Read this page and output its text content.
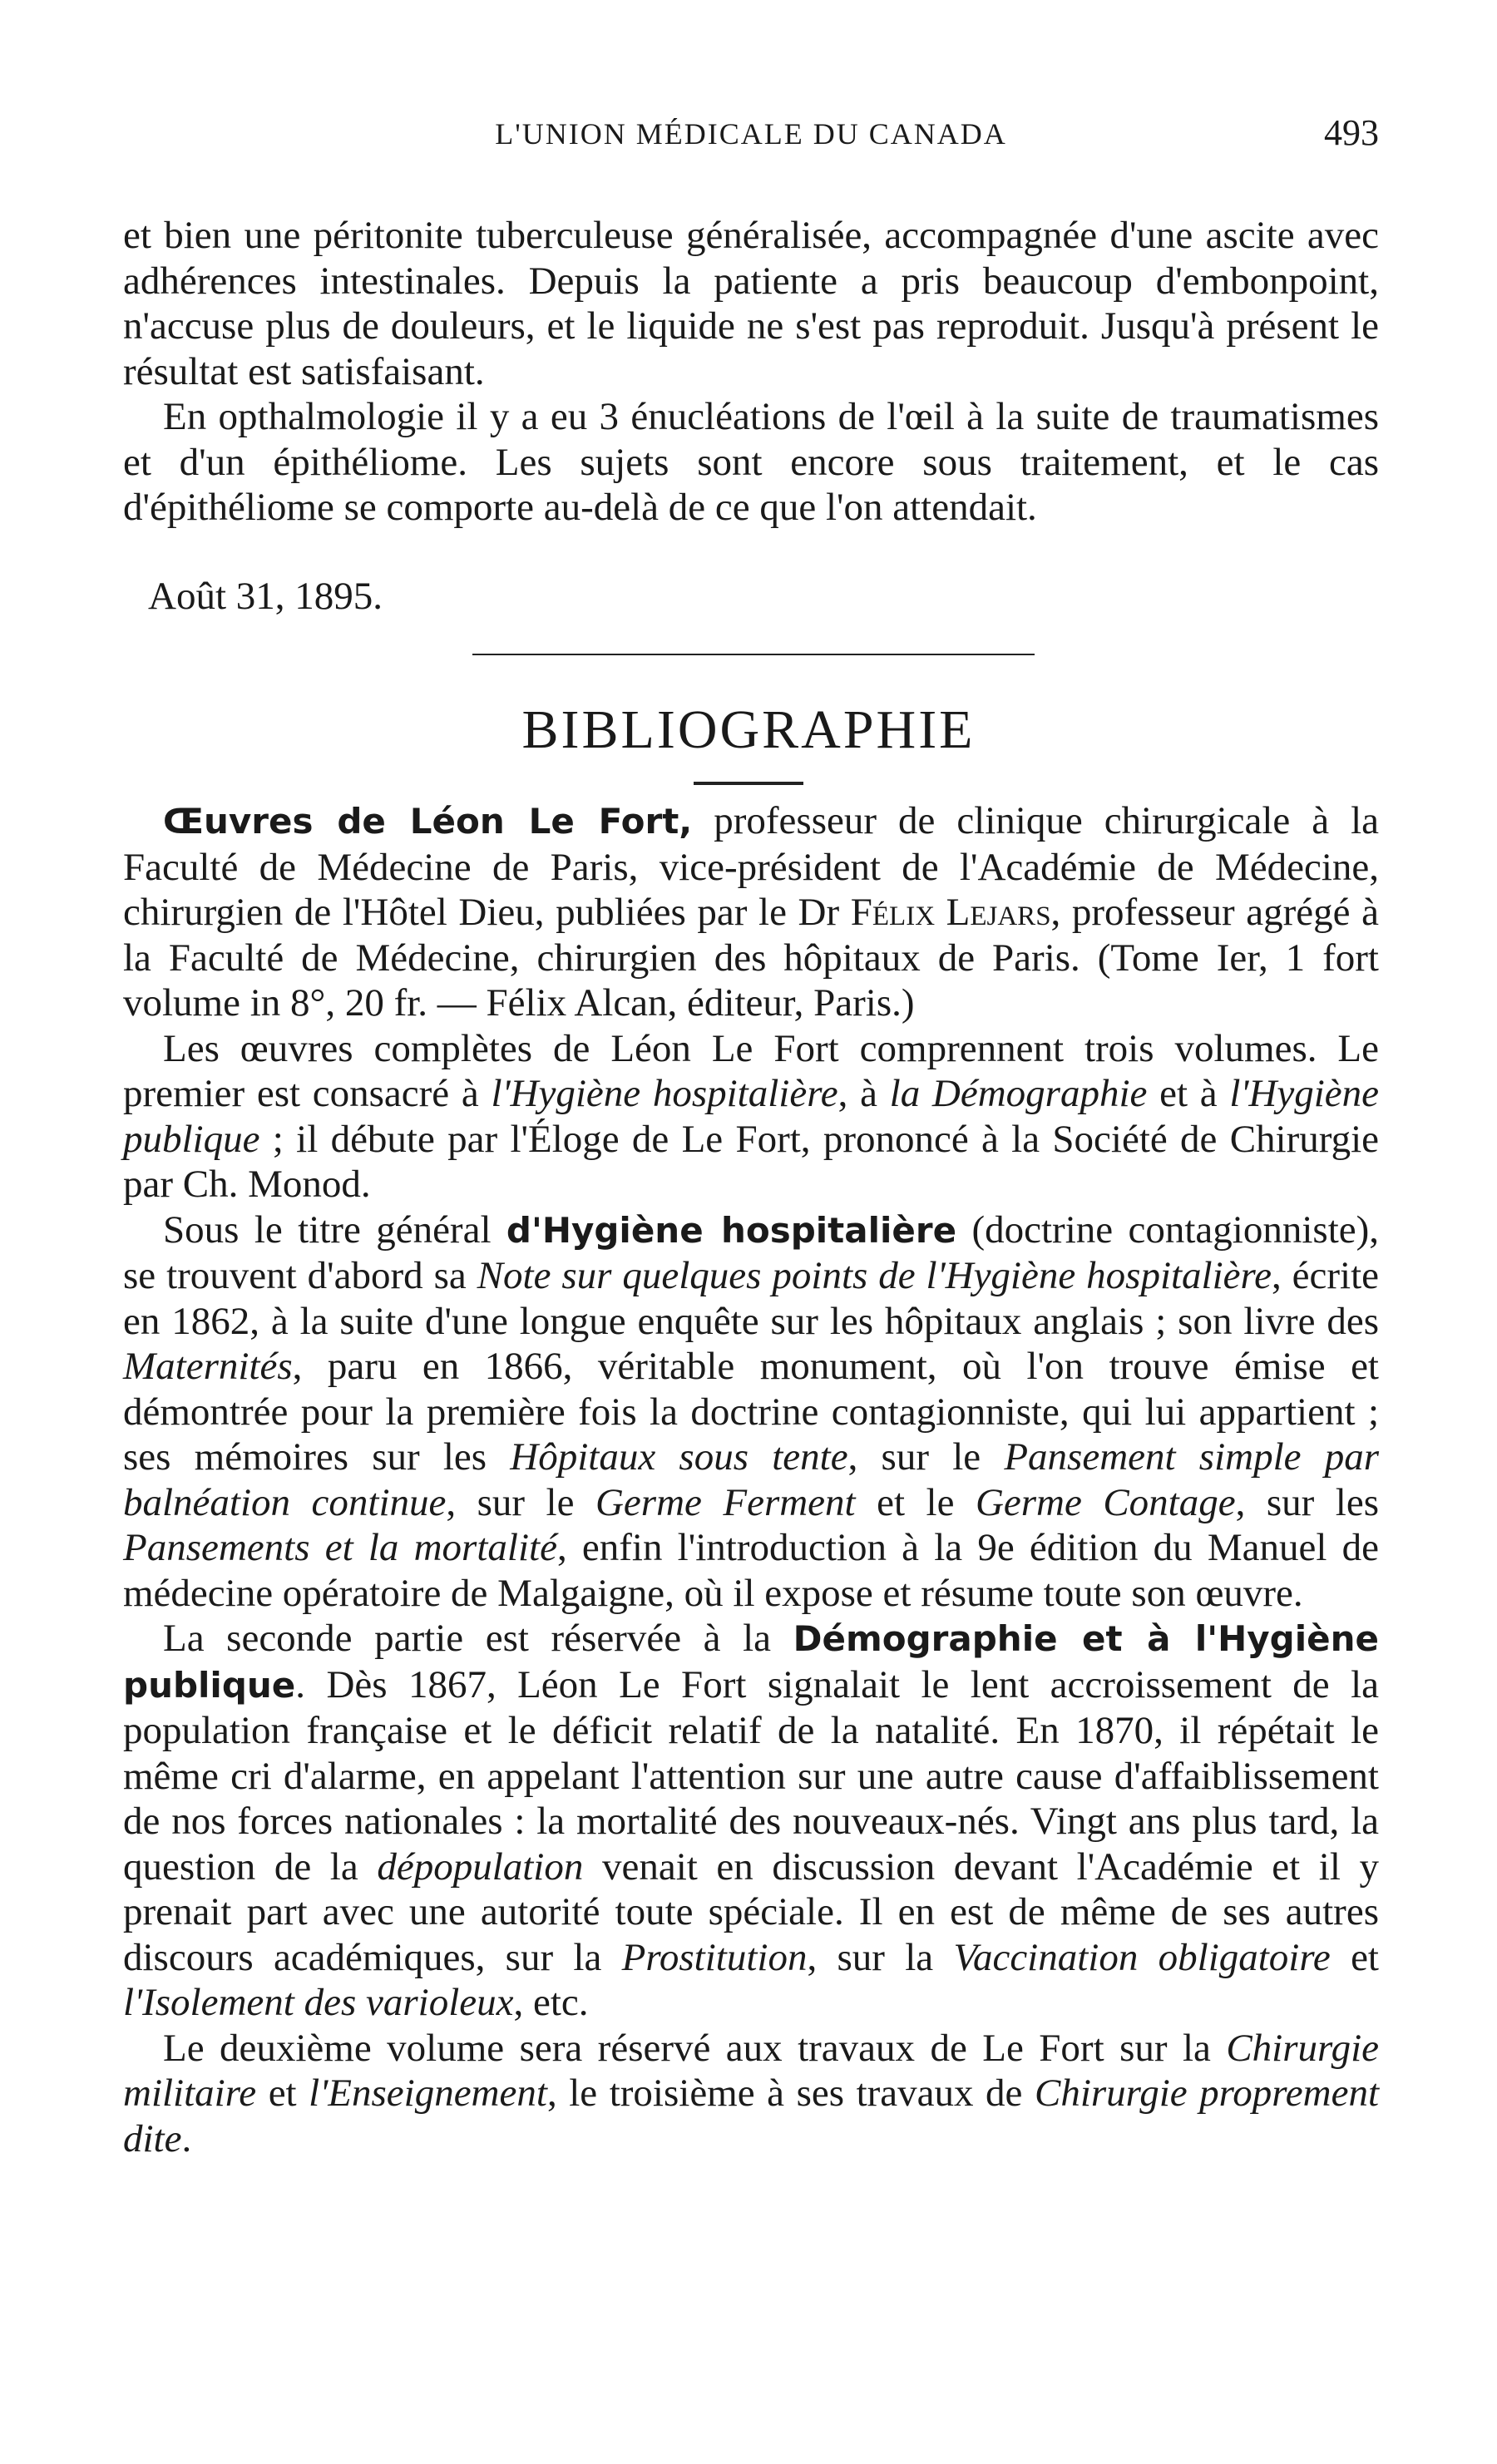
L'UNION MÉDICALE DU CANADA	493

et bien une péritonite tuberculeuse généralisée, accompagnée d'une ascite avec adhérences intestinales. Depuis la patiente a pris beaucoup d'embonpoint, n'accuse plus de douleurs, et le liquide ne s'est pas reproduit. Jusqu'à présent le résultat est satisfaisant.

En opthalmologie il y a eu 3 énucléations de l'œil à la suite de traumatismes et d'un épithéliome. Les sujets sont encore sous traitement, et le cas d'épithéliome se comporte au-delà de ce que l'on attendait.

Août 31, 1895.
BIBLIOGRAPHIE

Œuvres de Léon Le Fort, professeur de clinique chirurgicale à la Faculté de Médecine de Paris, vice-président de l'Académie de Médecine, chirurgien de l'Hôtel Dieu, publiées par le Dr Félix Lejars, professeur agrégé à la Faculté de Médecine, chirurgien des hôpitaux de Paris. (Tome Ier, 1 fort volume in 8°, 20 fr. — Félix Alcan, éditeur, Paris.)

Les œuvres complètes de Léon Le Fort comprennent trois volumes. Le premier est consacré à l'Hygiène hospitalière, à la Démographie et à l'Hygiène publique ; il débute par l'Éloge de Le Fort, prononcé à la Société de Chirurgie par Ch. Monod.

Sous le titre général d'Hygiène hospitalière (doctrine contagionniste), se trouvent d'abord sa Note sur quelques points de l'Hygiène hospitalière, écrite en 1862, à la suite d'une longue enquête sur les hôpitaux anglais ; son livre des Maternités, paru en 1866, véritable monument, où l'on trouve émise et démontrée pour la première fois la doctrine contagionniste, qui lui appartient ; ses mémoires sur les Hôpitaux sous tente, sur le Pansement simple par balnéation continue, sur le Germe Ferment et le Germe Contage, sur les Pansements et la mortalité, enfin l'introduction à la 9e édition du Manuel de médecine opératoire de Malgaigne, où il expose et résume toute son œuvre.

La seconde partie est réservée à la Démographie et à l'Hygiène publique. Dès 1867, Léon Le Fort signalait le lent accroissement de la population française et le déficit relatif de la natalité. En 1870, il répétait le même cri d'alarme, en appelant l'attention sur une autre cause d'affaiblissement de nos forces nationales : la mortalité des nouveaux-nés. Vingt ans plus tard, la question de la dépopulation venait en discussion devant l'Académie et il y prenait part avec une autorité toute spéciale. Il en est de même de ses autres discours académiques, sur la Prostitution, sur la Vaccination obligatoire et l'Isolement des varioleux, etc.

Le deuxième volume sera réservé aux travaux de Le Fort sur la Chirurgie militaire et l'Enseignement, le troisième à ses travaux de Chirurgie proprement dite.
